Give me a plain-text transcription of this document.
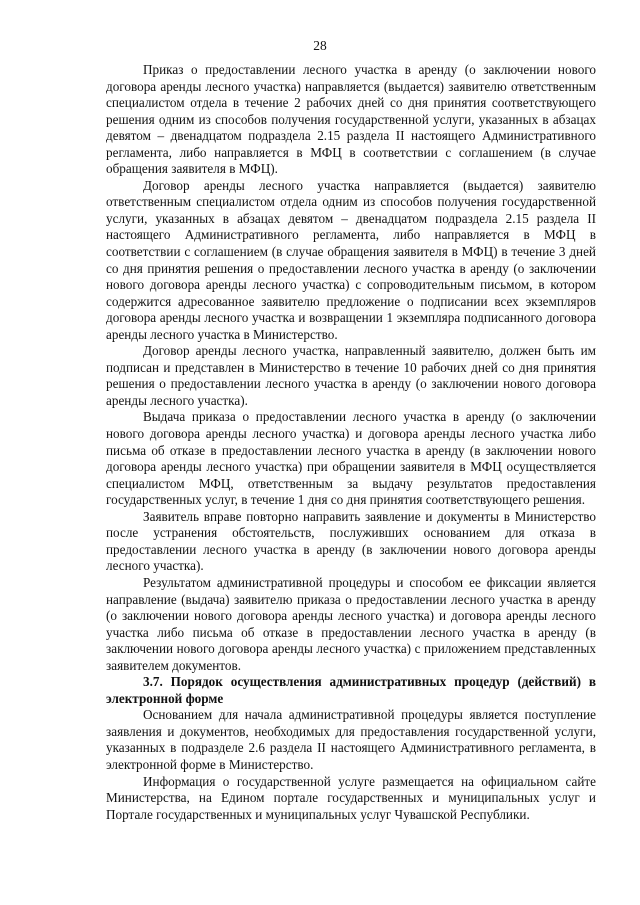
28

Приказ о предоставлении лесного участка в аренду (о заключении нового договора аренды лесного участка) направляется (выдается) заявителю ответственным специалистом отдела в течение 2 рабочих дней со дня принятия соответствующего решения одним из способов получения государственной услуги, указанных в абзацах девятом – двенадцатом подраздела 2.15 раздела II настоящего Административного регламента, либо направляется в МФЦ в соответствии с соглашением (в случае обращения заявителя в МФЦ).

Договор аренды лесного участка направляется (выдается) заявителю ответственным специалистом отдела одним из способов получения государственной услуги, указанных в абзацах девятом – двенадцатом подраздела 2.15 раздела II настоящего Административного регламента, либо направляется в МФЦ в соответствии с соглашением (в случае обращения заявителя в МФЦ) в течение 3 дней со дня принятия решения о предоставлении лесного участка в аренду (о заключении нового договора аренды лесного участка) с сопроводительным письмом, в котором содержится адресованное заявителю предложение о подписании всех экземпляров договора аренды лесного участка и возвращении 1 экземпляра подписанного договора аренды лесного участка в Министерство.

Договор аренды лесного участка, направленный заявителю, должен быть им подписан и представлен в Министерство в течение 10 рабочих дней со дня принятия решения о предоставлении лесного участка в аренду (о заключении нового договора аренды лесного участка).

Выдача приказа о предоставлении лесного участка в аренду (о заключении нового договора аренды лесного участка) и договора аренды лесного участка либо письма об отказе в предоставлении лесного участка в аренду (в заключении нового договора аренды лесного участка) при обращении заявителя в МФЦ осуществляется специалистом МФЦ, ответственным за выдачу результатов предоставления государственных услуг, в течение 1 дня со дня принятия соответствующего решения.

Заявитель вправе повторно направить заявление и документы в Министерство после устранения обстоятельств, послуживших основанием для отказа в предоставлении лесного участка в аренду (в заключении нового договора аренды лесного участка).

Результатом административной процедуры и способом ее фиксации является направление (выдача) заявителю приказа о предоставлении лесного участка в аренду (о заключении нового договора аренды лесного участка) и договора аренды лесного участка либо письма об отказе в предоставлении лесного участка в аренду (в заключении нового договора аренды лесного участка) с приложением представленных заявителем документов.

3.7. Порядок осуществления административных процедур (действий) в электронной форме

Основанием для начала административной процедуры является поступление заявления и документов, необходимых для предоставления государственной услуги, указанных в подразделе 2.6 раздела II настоящего Административного регламента, в электронной форме в Министерство.

Информация о государственной услуге размещается на официальном сайте Министерства, на Едином портале государственных и муниципальных услуг и Портале государственных и муниципальных услуг Чувашской Республики.
